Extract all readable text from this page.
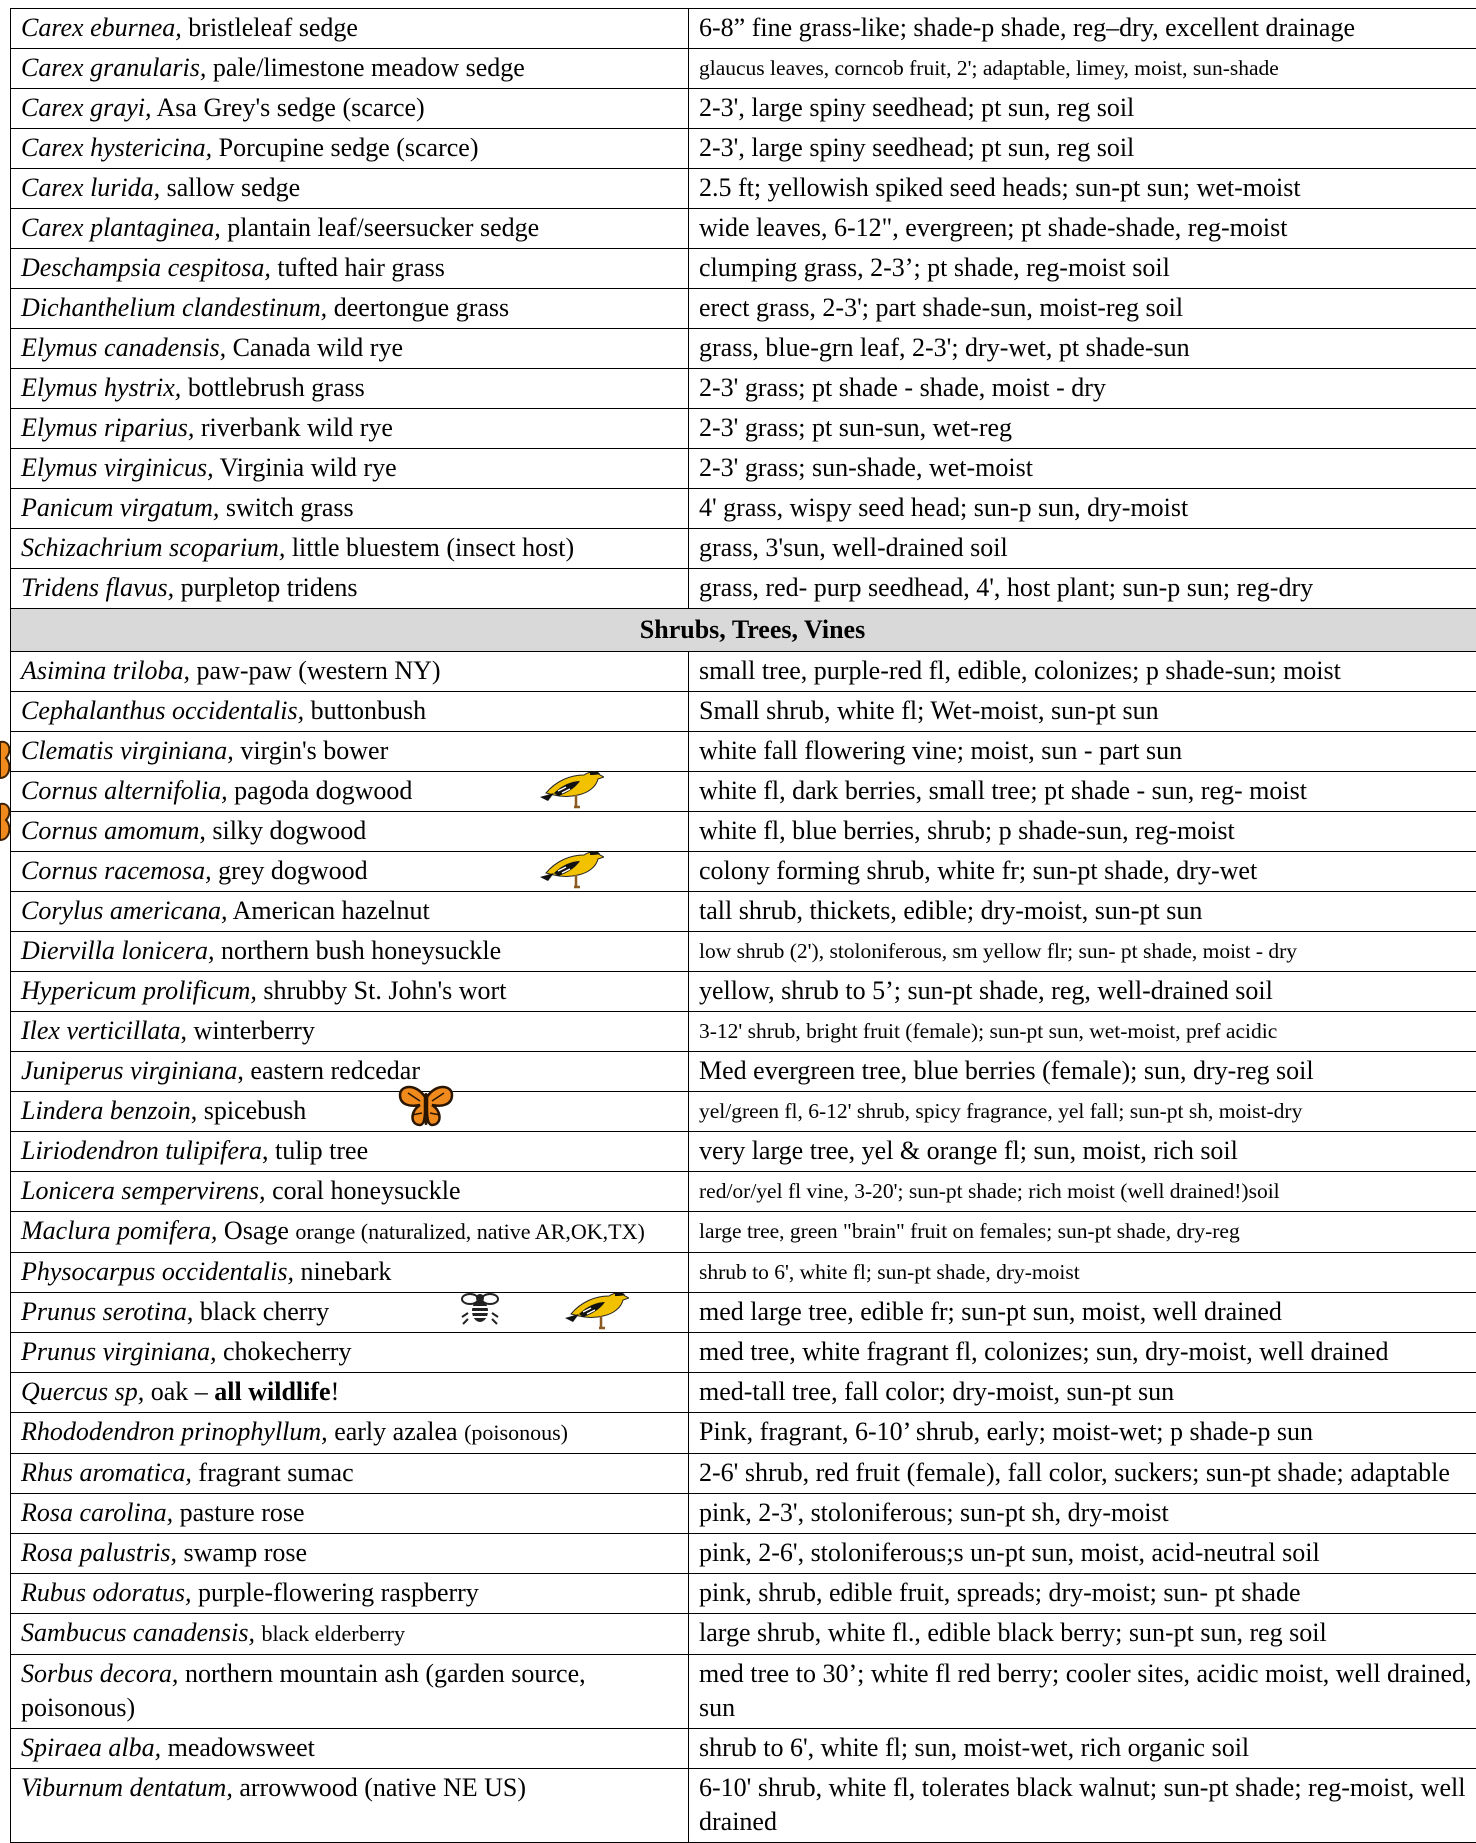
Carex eburnea, bristleleaf sedge	6-8” fine grass-like; shade-p shade, reg–dry, excellent drainage
Carex granularis, pale/limestone meadow sedge	glaucus leaves, corncob fruit, 2'; adaptable, limey, moist, sun-shade
Carex grayi, Asa Grey's sedge (scarce)	2-3', large spiny seedhead; pt sun, reg soil
Carex hystericina, Porcupine sedge (scarce)	2-3', large spiny seedhead; pt sun, reg soil
Carex lurida, sallow sedge	2.5 ft; yellowish spiked seed heads; sun-pt sun; wet-moist
Carex plantaginea, plantain leaf/seersucker sedge	wide leaves, 6-12", evergreen; pt shade-shade, reg-moist
Deschampsia cespitosa, tufted hair grass	clumping grass, 2-3’; pt shade, reg-moist soil
Dichanthelium clandestinum, deertongue grass	erect grass, 2-3'; part shade-sun, moist-reg soil
Elymus canadensis, Canada wild rye	grass, blue-grn leaf, 2-3'; dry-wet, pt shade-sun
Elymus hystrix, bottlebrush grass	2-3' grass; pt shade - shade, moist - dry
Elymus riparius, riverbank wild rye	2-3' grass; pt sun-sun, wet-reg
Elymus virginicus, Virginia wild rye	2-3' grass; sun-shade, wet-moist
Panicum virgatum, switch grass	4' grass, wispy seed head; sun-p sun, dry-moist
Schizachrium scoparium, little bluestem (insect host)	grass, 3'sun, well-drained soil
Tridens flavus, purpletop tridens	grass, red- purp seedhead, 4', host plant; sun-p sun; reg-dry
Shrubs, Trees, Vines	
Asimina triloba, paw-paw (western NY)	small tree, purple-red fl, edible, colonizes; p shade-sun; moist
Cephalanthus occidentalis, buttonbush	Small shrub, white fl; Wet-moist, sun-pt sun
Clematis virginiana, virgin's bower	white fall flowering vine; moist, sun - part sun
Cornus alternifolia, pagoda dogwood	white fl, dark berries, small tree; pt shade - sun, reg- moist
Cornus amomum, silky dogwood	white fl, blue berries, shrub; p shade-sun, reg-moist
Cornus racemosa, grey dogwood	colony forming shrub, white fr; sun-pt shade, dry-wet
Corylus americana, American hazelnut	tall shrub, thickets, edible; dry-moist, sun-pt sun
Diervilla lonicera, northern bush honeysuckle	low shrub (2'), stoloniferous, sm yellow flr; sun- pt shade, moist - dry
Hypericum prolificum, shrubby St. John's wort	yellow, shrub to 5’; sun-pt shade, reg, well-drained soil
Ilex verticillata, winterberry	3-12' shrub, bright fruit (female); sun-pt sun, wet-moist, pref acidic
Juniperus virginiana, eastern redcedar	Med evergreen tree, blue berries (female); sun, dry-reg soil
Lindera benzoin, spicebush	yel/green fl, 6-12' shrub, spicy fragrance, yel fall; sun-pt sh, moist-dry
Liriodendron tulipifera, tulip tree	very large tree, yel & orange fl; sun, moist, rich soil
Lonicera sempervirens, coral honeysuckle	red/or/yel fl vine, 3-20'; sun-pt shade; rich moist (well drained!)soil
Maclura pomifera, Osage orange (naturalized, native AR,OK,TX)	large tree, green "brain" fruit on females; sun-pt shade, dry-reg
Physocarpus occidentalis, ninebark	shrub to 6', white fl; sun-pt shade, dry-moist
Prunus serotina, black cherry	med large tree, edible fr; sun-pt sun, moist, well drained
Prunus virginiana, chokecherry	med tree, white fragrant fl, colonizes; sun, dry-moist, well drained
Quercus sp, oak – all wildlife!	med-tall tree, fall color; dry-moist, sun-pt sun
Rhododendron prinophyllum, early azalea (poisonous)	Pink, fragrant, 6-10’ shrub, early; moist-wet; p shade-p sun
Rhus aromatica, fragrant sumac	2-6' shrub, red fruit (female), fall color, suckers; sun-pt shade; adaptable
Rosa carolina, pasture rose	pink, 2-3', stoloniferous; sun-pt sh, dry-moist
Rosa palustris, swamp rose	pink, 2-6', stoloniferous;s un-pt sun, moist, acid-neutral soil
Rubus odoratus, purple-flowering raspberry	pink, shrub, edible fruit, spreads; dry-moist; sun- pt shade
Sambucus canadensis, black elderberry	large shrub, white fl., edible black berry; sun-pt sun, reg soil
Sorbus decora, northern mountain ash (garden source, poisonous)	med tree to 30’; white fl red berry; cooler sites, acidic moist, well drained, sun
Spiraea alba, meadowsweet	shrub to 6', white fl; sun, moist-wet, rich organic soil
Viburnum dentatum, arrowwood (native NE US)	6-10' shrub, white fl, tolerates black walnut; sun-pt shade; reg-moist, well drained
